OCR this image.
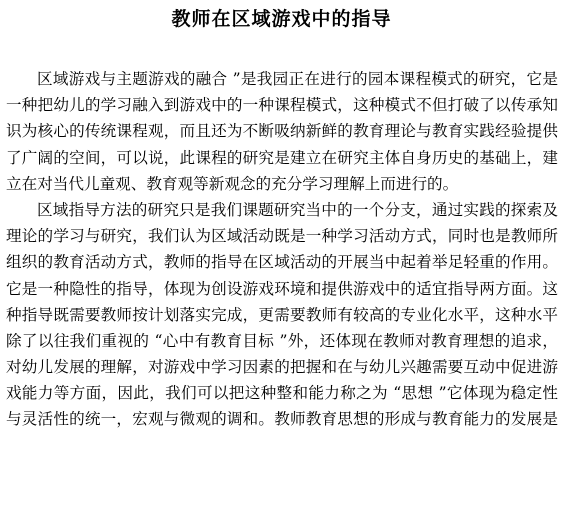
教师在区域游戏中的指导
区域游戏与主题游戏的融合 ”是我园正在进行的园本课程模式的研究，它是
一种把幼儿的学习融入到游戏中的一种课程模式，这种模式不但打破了以传承知
识为核心的传统课程观，而且还为不断吸纳新鲜的教育理论与教育实践经验提供
了广阔的空间，可以说，此课程的研究是建立在研究主体自身历史的基础上，建
立在对当代儿童观、教育观等新观念的充分学习理解上而进行的。
区域指导方法的研究只是我们课题研究当中的一个分支，通过实践的探索及
理论的学习与研究，我们认为区域活动既是一种学习活动方式，同时也是教师所
组织的教育活动方式，教师的指导在区域活动的开展当中起着举足轻重的作用。
它是一种隐性的指导，体现为创设游戏环境和提供游戏中的适宜指导两方面。这
种指导既需要教师按计划落实完成，更需要教师有较高的专业化水平，这种水平
除了以往我们重视的 “心中有教育目标 ”外，还体现在教师对教育理想的追求，
对幼儿发展的理解，对游戏中学习因素的把握和在与幼儿兴趣需要互动中促进游
戏能力等方面，因此，我们可以把这种整和能力称之为 “思想 ”它体现为稳定性
与灵活性的统一，宏观与微观的调和。教师教育思想的形成与教育能力的发展是
